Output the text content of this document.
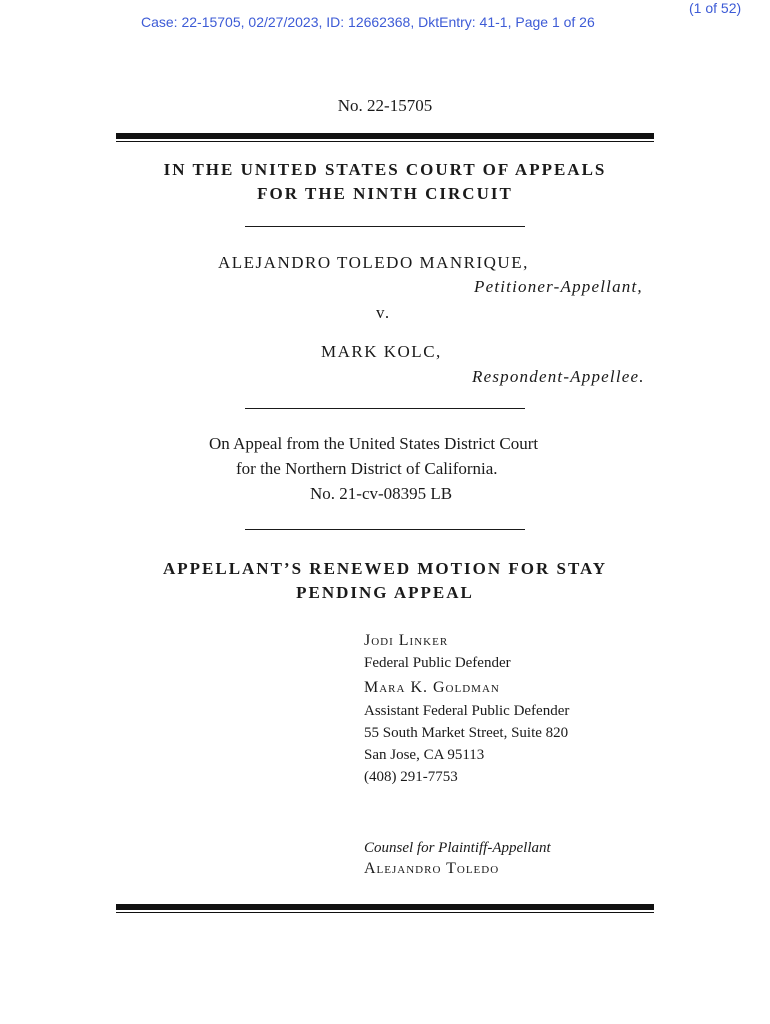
Case: 22-15705, 02/27/2023, ID: 12662368, DktEntry: 41-1, Page 1 of 26
(1 of 52)
No. 22-15705
IN THE UNITED STATES COURT OF APPEALS
FOR THE NINTH CIRCUIT
ALEJANDRO TOLEDO MANRIQUE,
Petitioner-Appellant,
v.
MARK KOLC,
Respondent-Appellee.
On Appeal from the United States District Court
for the Northern District of California.
No. 21-cv-08395 LB
APPELLANT’S RENEWED MOTION FOR STAY
PENDING APPEAL
Jodi Linker
Federal Public Defender
Mara K. Goldman
Assistant Federal Public Defender
55 South Market Street, Suite 820
San Jose, CA 95113
(408) 291-7753
Counsel for Plaintiff-Appellant
Alejandro Toledo
